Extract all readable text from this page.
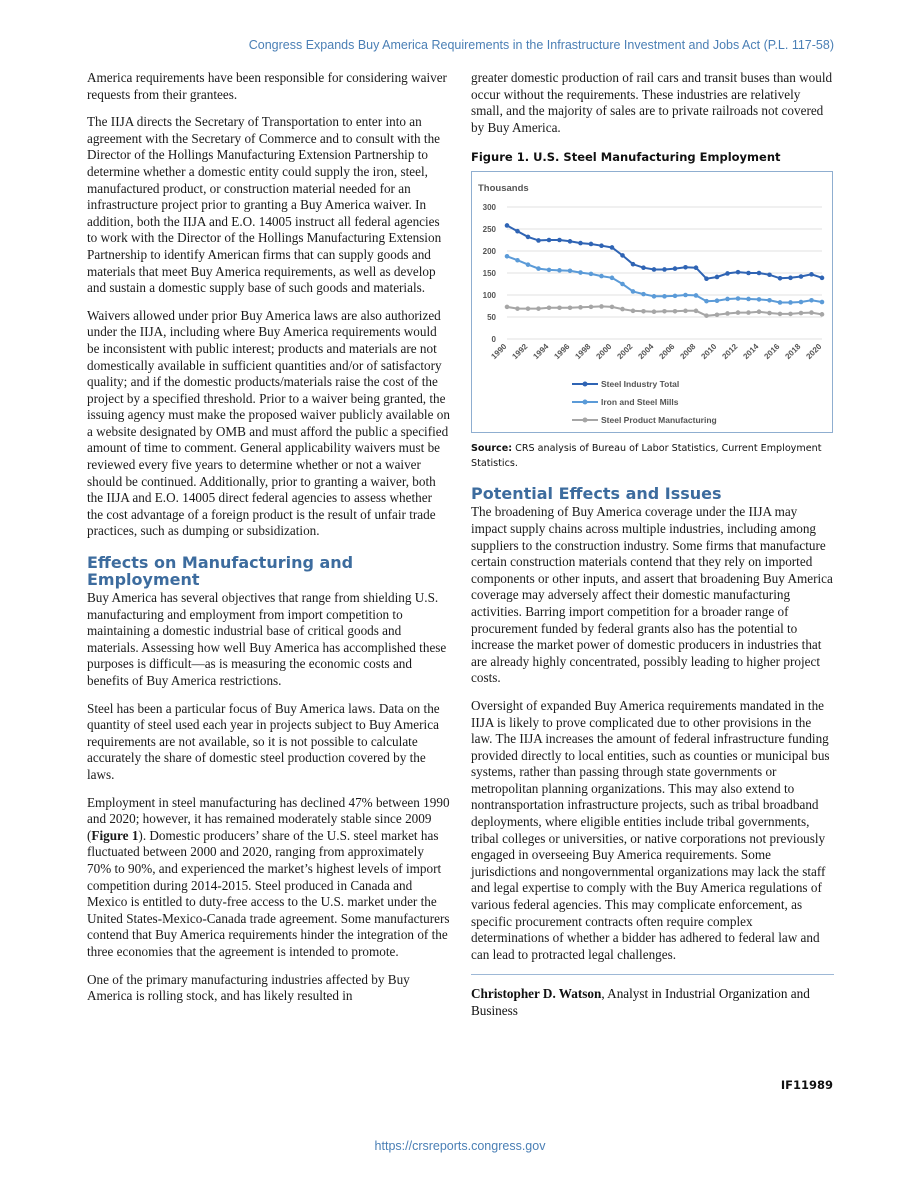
Congress Expands Buy America Requirements in the Infrastructure Investment and Jobs Act (P.L. 117-58)

America requirements have been responsible for considering waiver requests from their grantees.

The IIJA directs the Secretary of Transportation to enter into an agreement with the Secretary of Commerce and to consult with the Director of the Hollings Manufacturing Extension Partnership to determine whether a domestic entity could supply the iron, steel, manufactured product, or construction material needed for an infrastructure project prior to granting a Buy America waiver. In addition, both the IIJA and E.O. 14005 instruct all federal agencies to work with the Director of the Hollings Manufacturing Extension Partnership to identify American firms that can supply goods and materials that meet Buy America requirements, as well as develop and sustain a domestic supply base of such goods and materials.

Waivers allowed under prior Buy America laws are also authorized under the IIJA, including where Buy America requirements would be inconsistent with public interest; products and materials are not domestically available in sufficient quantities and/or of satisfactory quality; and if the domestic products/materials raise the cost of the project by a specified threshold. Prior to a waiver being granted, the issuing agency must make the proposed waiver publicly available on a website designated by OMB and must afford the public a specified amount of time to comment. General applicability waivers must be reviewed every five years to determine whether or not a waiver should be continued. Additionally, prior to granting a waiver, both the IIJA and E.O. 14005 direct federal agencies to assess whether the cost advantage of a foreign product is the result of unfair trade practices, such as dumping or subsidization.

Effects on Manufacturing and Employment

Buy America has several objectives that range from shielding U.S. manufacturing and employment from import competition to maintaining a domestic industrial base of critical goods and materials. Assessing how well Buy America has accomplished these purposes is difficult—as is measuring the economic costs and benefits of Buy America restrictions.

Steel has been a particular focus of Buy America laws. Data on the quantity of steel used each year in projects subject to Buy America requirements are not available, so it is not possible to calculate accurately the share of domestic steel production covered by the laws.

Employment in steel manufacturing has declined 47% between 1990 and 2020; however, it has remained moderately stable since 2009 (Figure 1). Domestic producers’ share of the U.S. steel market has fluctuated between 2000 and 2020, ranging from approximately 70% to 90%, and experienced the market’s highest levels of import competition during 2014-2015. Steel produced in Canada and Mexico is entitled to duty-free access to the U.S. market under the United States-Mexico-Canada trade agreement. Some manufacturers contend that Buy America requirements hinder the integration of the three economies that the agreement is intended to promote.

One of the primary manufacturing industries affected by Buy America is rolling stock, and has likely resulted in

greater domestic production of rail cars and transit buses than would occur without the requirements. These industries are relatively small, and the majority of sales are to private railroads not covered by Buy America.

Figure 1. U.S. Steel Manufacturing Employment
Thousands
0
50
100
150
200
250
300
1990 1992 1994 1996 1998 2000 2002 2004 2006 2008 2010 2012 2014 2016 2018 2020
Steel Industry Total
Iron and Steel Mills
Steel Product Manufacturing

Source: CRS analysis of Bureau of Labor Statistics, Current Employment Statistics.

Potential Effects and Issues

The broadening of Buy America coverage under the IIJA may impact supply chains across multiple industries, including among suppliers to the construction industry. Some firms that manufacture certain construction materials contend that they rely on imported components or other inputs, and assert that broadening Buy America coverage may adversely affect their domestic manufacturing activities. Barring import competition for a broader range of procurement funded by federal grants also has the potential to increase the market power of domestic producers in industries that are already highly concentrated, possibly leading to higher project costs.

Oversight of expanded Buy America requirements mandated in the IIJA is likely to prove complicated due to other provisions in the law. The IIJA increases the amount of federal infrastructure funding provided directly to local entities, such as counties or municipal bus systems, rather than passing through state governments or metropolitan planning organizations. This may also extend to nontransportation infrastructure projects, such as tribal broadband deployments, where eligible entities include tribal governments, tribal colleges or universities, or native corporations not previously engaged in overseeing Buy America requirements. Some jurisdictions and nongovernmental organizations may lack the staff and legal expertise to comply with the Buy America regulations of various federal agencies. This may complicate enforcement, as specific procurement contracts often require complex determinations of whether a bidder has adhered to federal law and can lead to protracted legal challenges.

Christopher D. Watson, Analyst in Industrial Organization and Business

IF11989
https://crsreports.congress.gov
